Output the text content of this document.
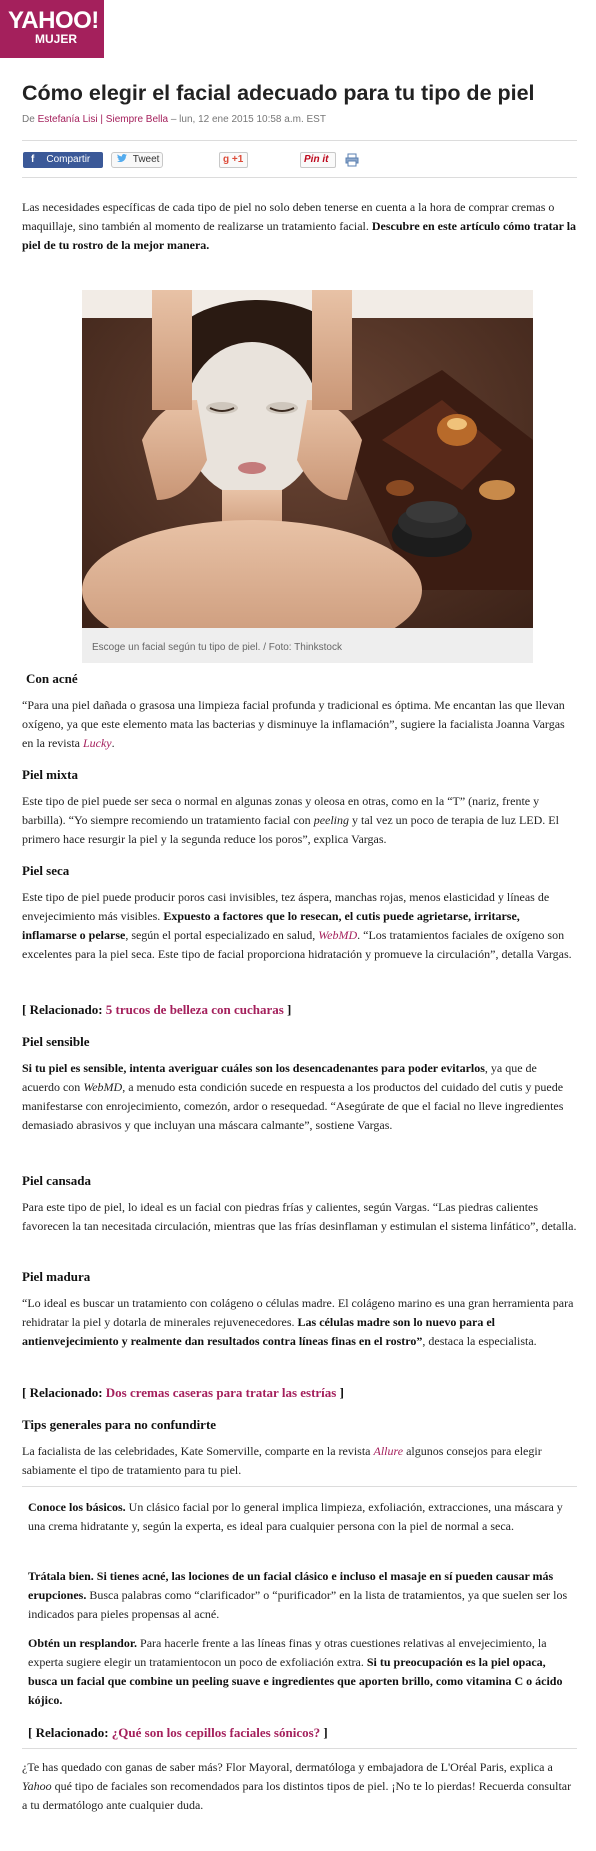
YAHOO!
MUJER
Cómo elegir el facial adecuado para tu tipo de piel
De Estefanía Lisi | Siempre Bella – lun, 12 ene 2015 10:58 a.m. EST
f Compartir	Tweet	g +1	Pin it

Las necesidades específicas de cada tipo de piel no solo deben tenerse en cuenta a la hora de comprar cremas o maquillaje, sino también al momento de realizarse un tratamiento facial. Descubre en este artículo cómo tratar la piel de tu rostro de la mejor manera.

Escoge un facial según tu tipo de piel. / Foto: Thinkstock
Con acné

“Para una piel dañada o grasosa una limpieza facial profunda y tradicional es óptima. Me encantan las que llevan oxígeno, ya que este elemento mata las bacterias y disminuye la inflamación”, sugiere la facialista Joanna Vargas en la revista Lucky.

Piel mixta

Este tipo de piel puede ser seca o normal en algunas zonas y oleosa en otras, como en la “T” (nariz, frente y barbilla). “Yo siempre recomiendo un tratamiento facial con peeling y tal vez un poco de terapia de luz LED. El primero hace resurgir la piel y la segunda reduce los poros”, explica Vargas.

Piel seca

Este tipo de piel puede producir poros casi invisibles, tez áspera, manchas rojas, menos elasticidad y líneas de envejecimiento más visibles. Expuesto a factores que lo resecan, el cutis puede agrietarse, irritarse, inflamarse o pelarse, según el portal especializado en salud, WebMD. “Los tratamientos faciales de oxígeno son excelentes para la piel seca. Este tipo de facial proporciona hidratación y promueve la circulación”, detalla Vargas.

[ Relacionado: 5 trucos de belleza con cucharas ]
Piel sensible

Si tu piel es sensible, intenta averiguar cuáles son los desencadenantes para poder evitarlos, ya que de acuerdo con WebMD, a menudo esta condición sucede en respuesta a los productos del cuidado del cutis y puede manifestarse con enrojecimiento, comezón, ardor o resequedad. “Asegúrate de que el facial no lleve ingredientes demasiado abrasivos y que incluyan una máscara calmante”, sostiene Vargas.

Piel cansada

Para este tipo de piel, lo ideal es un facial con piedras frías y calientes, según Vargas. “Las piedras calientes favorecen la tan necesitada circulación, mientras que las frías desinflaman y estimulan el sistema linfático”, detalla.

Piel madura

“Lo ideal es buscar un tratamiento con colágeno o células madre. El colágeno marino es una gran herramienta para rehidratar la piel y dotarla de minerales rejuvenecedores. Las células madre son lo nuevo para el antienvejecimiento y realmente dan resultados contra líneas finas en el rostro”, destaca la especialista.

[ Relacionado: Dos cremas caseras para tratar las estrías ]
Tips generales para no confundirte

La facialista de las celebridades, Kate Somerville, comparte en la revista Allure algunos consejos para elegir sabiamente el tipo de tratamiento para tu piel.

Conoce los básicos. Un clásico facial por lo general implica limpieza, exfoliación, extracciones, una máscara y una crema hidratante y, según la experta, es ideal para cualquier persona con la piel de normal a seca.

Trátala bien. Si tienes acné, las lociones de un facial clásico e incluso el masaje en sí pueden causar más erupciones. Busca palabras como “clarificador” o “purificador” en la lista de tratamientos, ya que suelen ser los indicados para pieles propensas al acné.

Obtén un resplandor. Para hacerle frente a las líneas finas y otras cuestiones relativas al envejecimiento, la experta sugiere elegir un tratamientocon un poco de exfoliación extra. Si tu preocupación es la piel opaca, busca un facial que combine un peeling suave e ingredientes que aporten brillo, como vitamina C o ácido kójico.

[ Relacionado: ¿Qué son los cepillos faciales sónicos? ]

¿Te has quedado con ganas de saber más? Flor Mayoral, dermatóloga y embajadora de L'Oréal Paris, explica a Yahoo qué tipo de faciales son recomendados para los distintos tipos de piel. ¡No te lo pierdas! Recuerda consultar a tu dermatólogo ante cualquier duda.
